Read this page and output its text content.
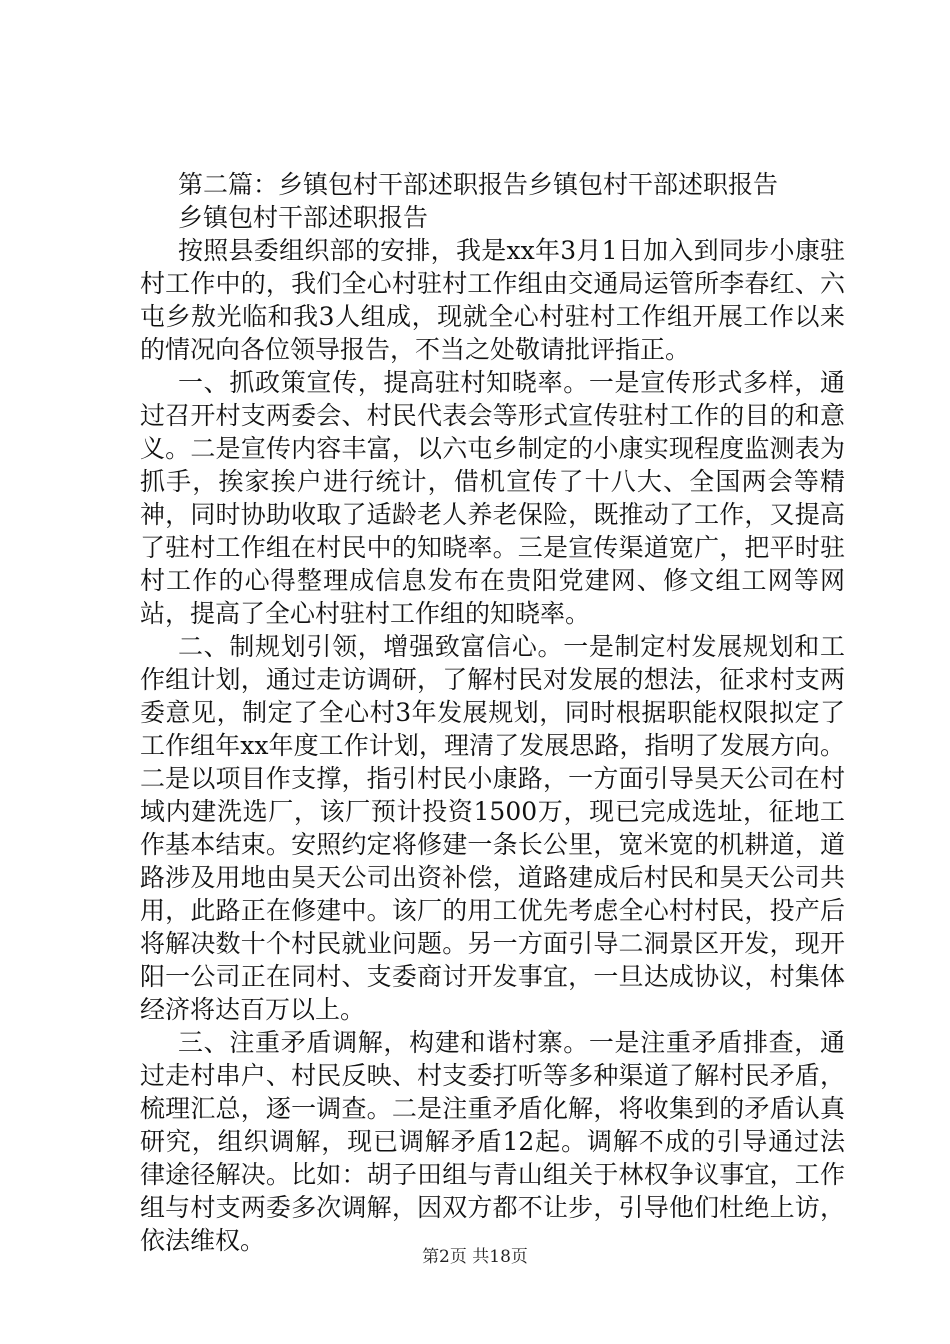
第二篇：乡镇包村干部述职报告乡镇包村干部述职报告

乡镇包村干部述职报告

按照县委组织部的安排，我是xx年3月1日加入到同步小康驻村工作中的，我们全心村驻村工作组由交通局运管所李春红、六屯乡敖光临和我3人组成，现就全心村驻村工作组开展工作以来的情况向各位领导报告，不当之处敬请批评指正。

一、抓政策宣传，提高驻村知晓率。一是宣传形式多样，通过召开村支两委会、村民代表会等形式宣传驻村工作的目的和意义。二是宣传内容丰富，以六屯乡制定的小康实现程度监测表为抓手，挨家挨户进行统计，借机宣传了十八大、全国两会等精神，同时协助收取了适龄老人养老保险，既推动了工作，又提高了驻村工作组在村民中的知晓率。三是宣传渠道宽广，把平时驻村工作的心得整理成信息发布在贵阳党建网、修文组工网等网站，提高了全心村驻村工作组的知晓率。

二、制规划引领，增强致富信心。一是制定村发展规划和工作组计划，通过走访调研，了解村民对发展的想法，征求村支两委意见，制定了全心村3年发展规划，同时根据职能权限拟定了工作组年xx年度工作计划，理清了发展思路，指明了发展方向。二是以项目作支撑，指引村民小康路，一方面引导昊天公司在村域内建洗选厂，该厂预计投资1500万，现已完成选址，征地工作基本结束。安照约定将修建一条长公里，宽米宽的机耕道，道路涉及用地由昊天公司出资补偿，道路建成后村民和昊天公司共用，此路正在修建中。该厂的用工优先考虑全心村村民，投产后将解决数十个村民就业问题。另一方面引导二洞景区开发，现开阳一公司正在同村、支委商讨开发事宜，一旦达成协议，村集体经济将达百万以上。

三、注重矛盾调解，构建和谐村寨。一是注重矛盾排查，通过走村串户、村民反映、村支委打听等多种渠道了解村民矛盾，梳理汇总，逐一调查。二是注重矛盾化解，将收集到的矛盾认真研究，组织调解，现已调解矛盾12起。调解不成的引导通过法律途径解决。比如：胡子田组与青山组关于林权争议事宜，工作组与村支两委多次调解，因双方都不让步，引导他们杜绝上访，依法维权。

第2页 共18页
